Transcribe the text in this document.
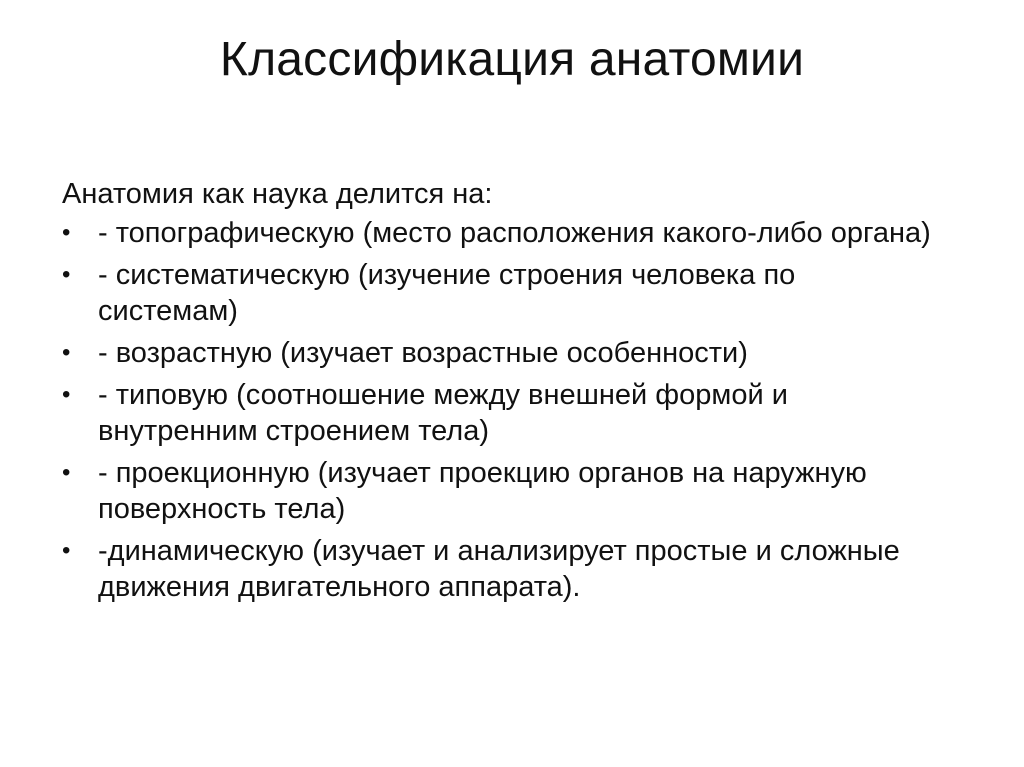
Классификация анатомии
Анатомия как наука делится на:
• - топографическую (место расположения какого-либо органа)
• - систематическую (изучение строения человека по системам)
• - возрастную (изучает возрастные особенности)
• - типовую (соотношение между внешней формой и внутренним строением тела)
• - проекционную (изучает проекцию органов на наружную поверхность тела)
• -динамическую (изучает и анализирует простые и сложные движения двигательного аппарата).
